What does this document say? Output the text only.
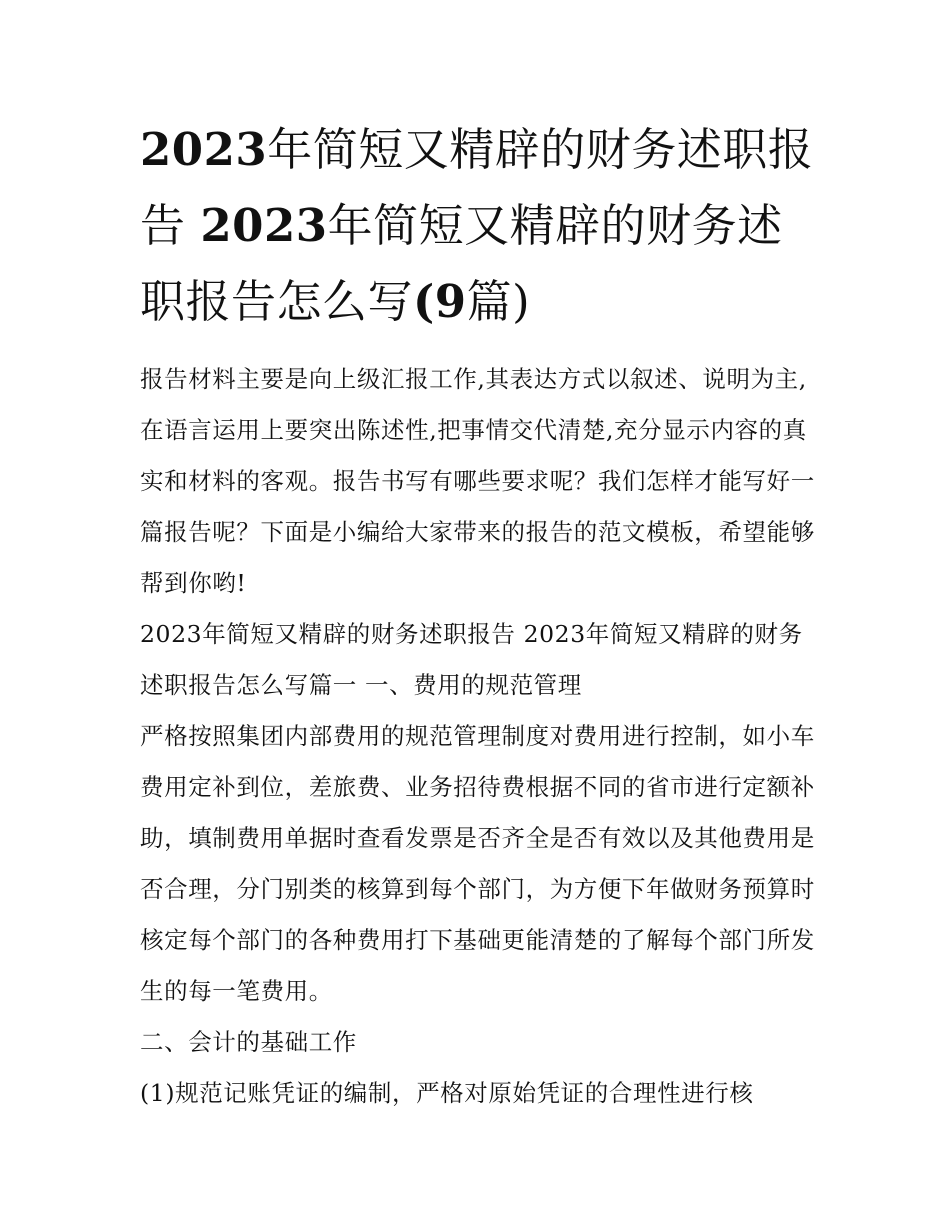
2023年简短又精辟的财务述职报告 2023年简短又精辟的财务述职报告怎么写(9篇)

报告材料主要是向上级汇报工作,其表达方式以叙述、说明为主,在语言运用上要突出陈述性,把事情交代清楚,充分显示内容的真实和材料的客观。报告书写有哪些要求呢？我们怎样才能写好一篇报告呢？下面是小编给大家带来的报告的范文模板，希望能够帮到你哟!

2023年简短又精辟的财务述职报告 2023年简短又精辟的财务述职报告怎么写篇一 一、费用的规范管理

严格按照集团内部费用的规范管理制度对费用进行控制，如小车费用定补到位，差旅费、业务招待费根据不同的省市进行定额补助，填制费用单据时查看发票是否齐全是否有效以及其他费用是否合理，分门别类的核算到每个部门，为方便下年做财务预算时核定每个部门的各种费用打下基础更能清楚的了解每个部门所发生的每一笔费用。

二、会计的基础工作

(1)规范记账凭证的编制，严格对原始凭证的合理性进行核
